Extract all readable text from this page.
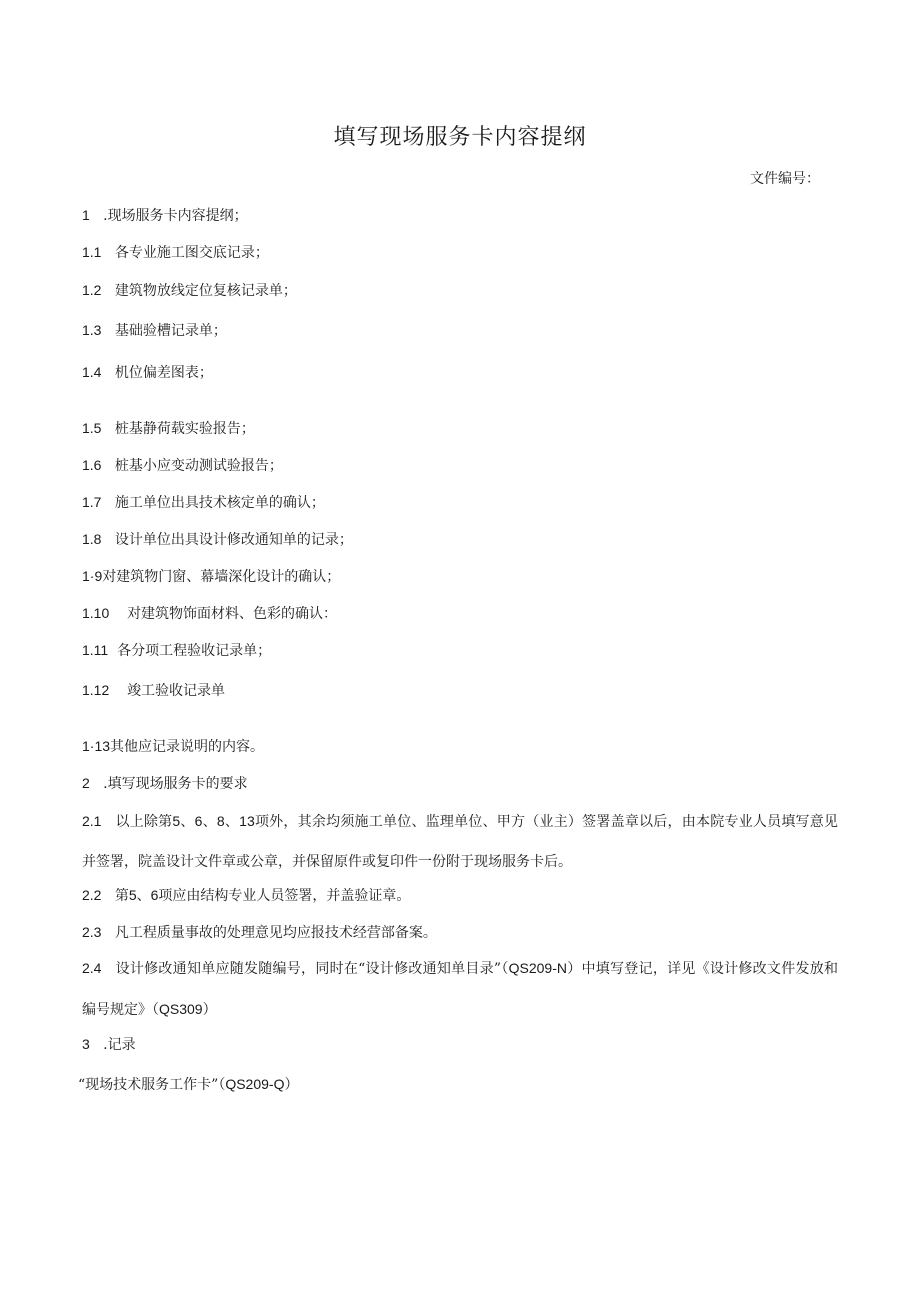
填写现场服务卡内容提纲
文件编号：
1 .现场服务卡内容提纲；
1.1 各专业施工图交底记录；
1.2 建筑物放线定位复核记录单；
1.3 基础验槽记录单；
1.4 机位偏差图表；
1.5 桩基静荷载实验报告；
1.6 桩基小应变动测试验报告；
1.7 施工单位出具技术核定单的确认；
1.8 设计单位出具设计修改通知单的记录；
1·9对建筑物门窗、幕墙深化设计的确认；
1.10 对建筑物饰面材料、色彩的确认：
1.11 各分项工程验收记录单；
1.12 竣工验收记录单
1·13其他应记录说明的内容。
2 .填写现场服务卡的要求
2.1 以上除第5、6、8、13项外，其余均须施工单位、监理单位、甲方（业主）签署盖章以后，由本院专业人员填写意见并签署，院盖设计文件章或公章，并保留原件或复印件一份附于现场服务卡后。
2.2 第5、6项应由结构专业人员签署，并盖验证章。
2.3 凡工程质量事故的处理意见均应报技术经营部备案。
2.4 设计修改通知单应随发随编号，同时在“设计修改通知单目录”（QS209-N）中填写登记，详见《设计修改文件发放和编号规定》（QS309）
3 .记录
“现场技术服务工作卡”（QS209-Q）
